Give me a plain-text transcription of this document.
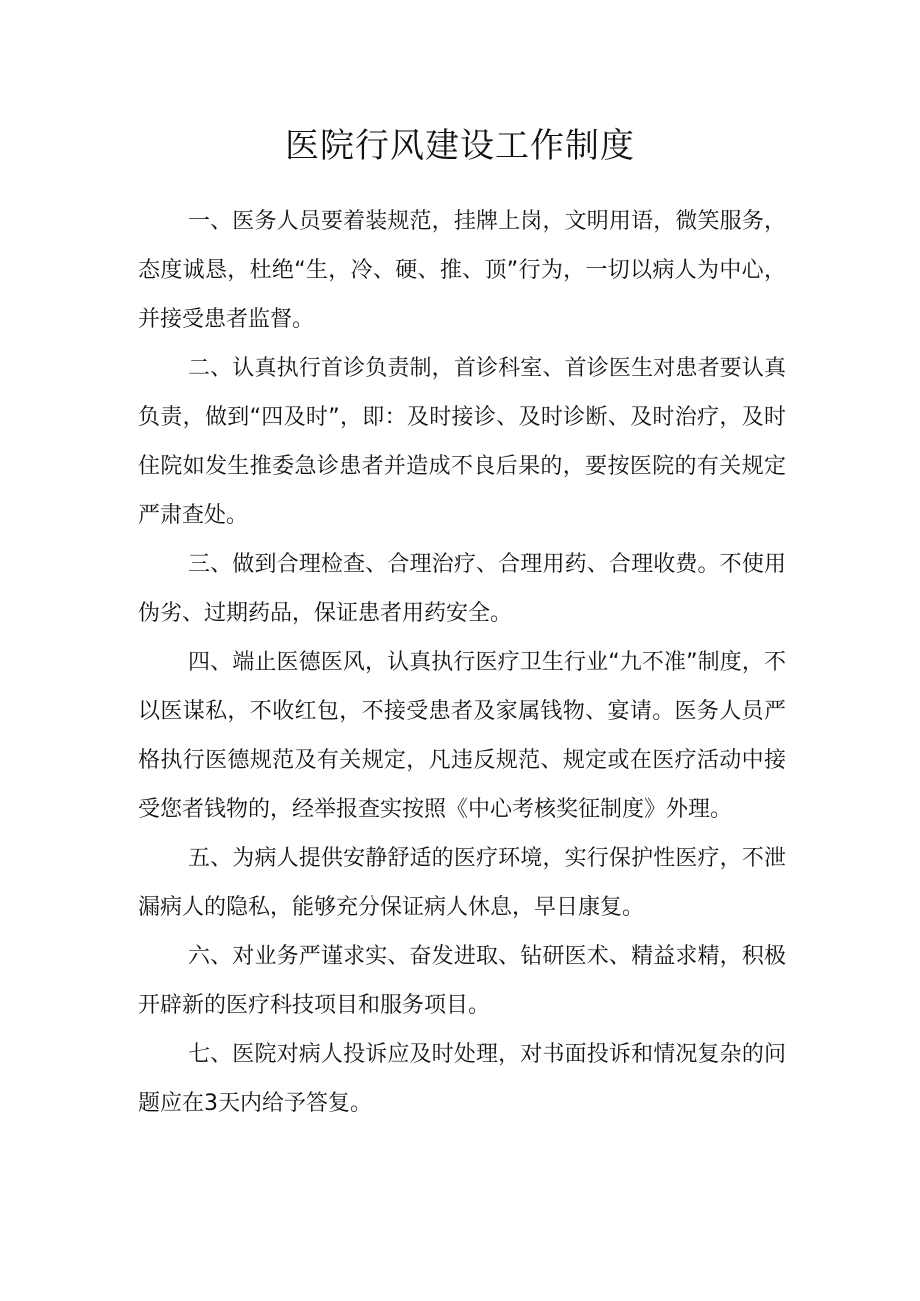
医院行风建设工作制度

一、医务人员要着装规范，挂牌上岗，文明用语，微笑服务，态度诚恳，杜绝“生，冷、硬、推、顶”行为，一切以病人为中心，并接受患者监督。

二、认真执行首诊负责制，首诊科室、首诊医生对患者要认真负责，做到“四及时”，即：及时接诊、及时诊断、及时治疗，及时住院如发生推委急诊患者并造成不良后果的，要按医院的有关规定严肃查处。

三、做到合理检查、合理治疗、合理用药、合理收费。不使用伪劣、过期药品，保证患者用药安全。

四、端止医德医风，认真执行医疗卫生行业“九不准”制度，不以医谋私，不收红包，不接受患者及家属钱物、宴请。医务人员严格执行医德规范及有关规定，凡违反规范、规定或在医疗活动中接受您者钱物的，经举报查实按照《中心考核奖征制度》外理。

五、为病人提供安静舒适的医疗环境，实行保护性医疗，不泄漏病人的隐私，能够充分保证病人休息，早日康复。

六、对业务严谨求实、奋发进取、钻研医术、精益求精，积极开辟新的医疗科技项目和服务项目。

七、医院对病人投诉应及时处理，对书面投诉和情况复杂的问题应在3天内给予答复。
